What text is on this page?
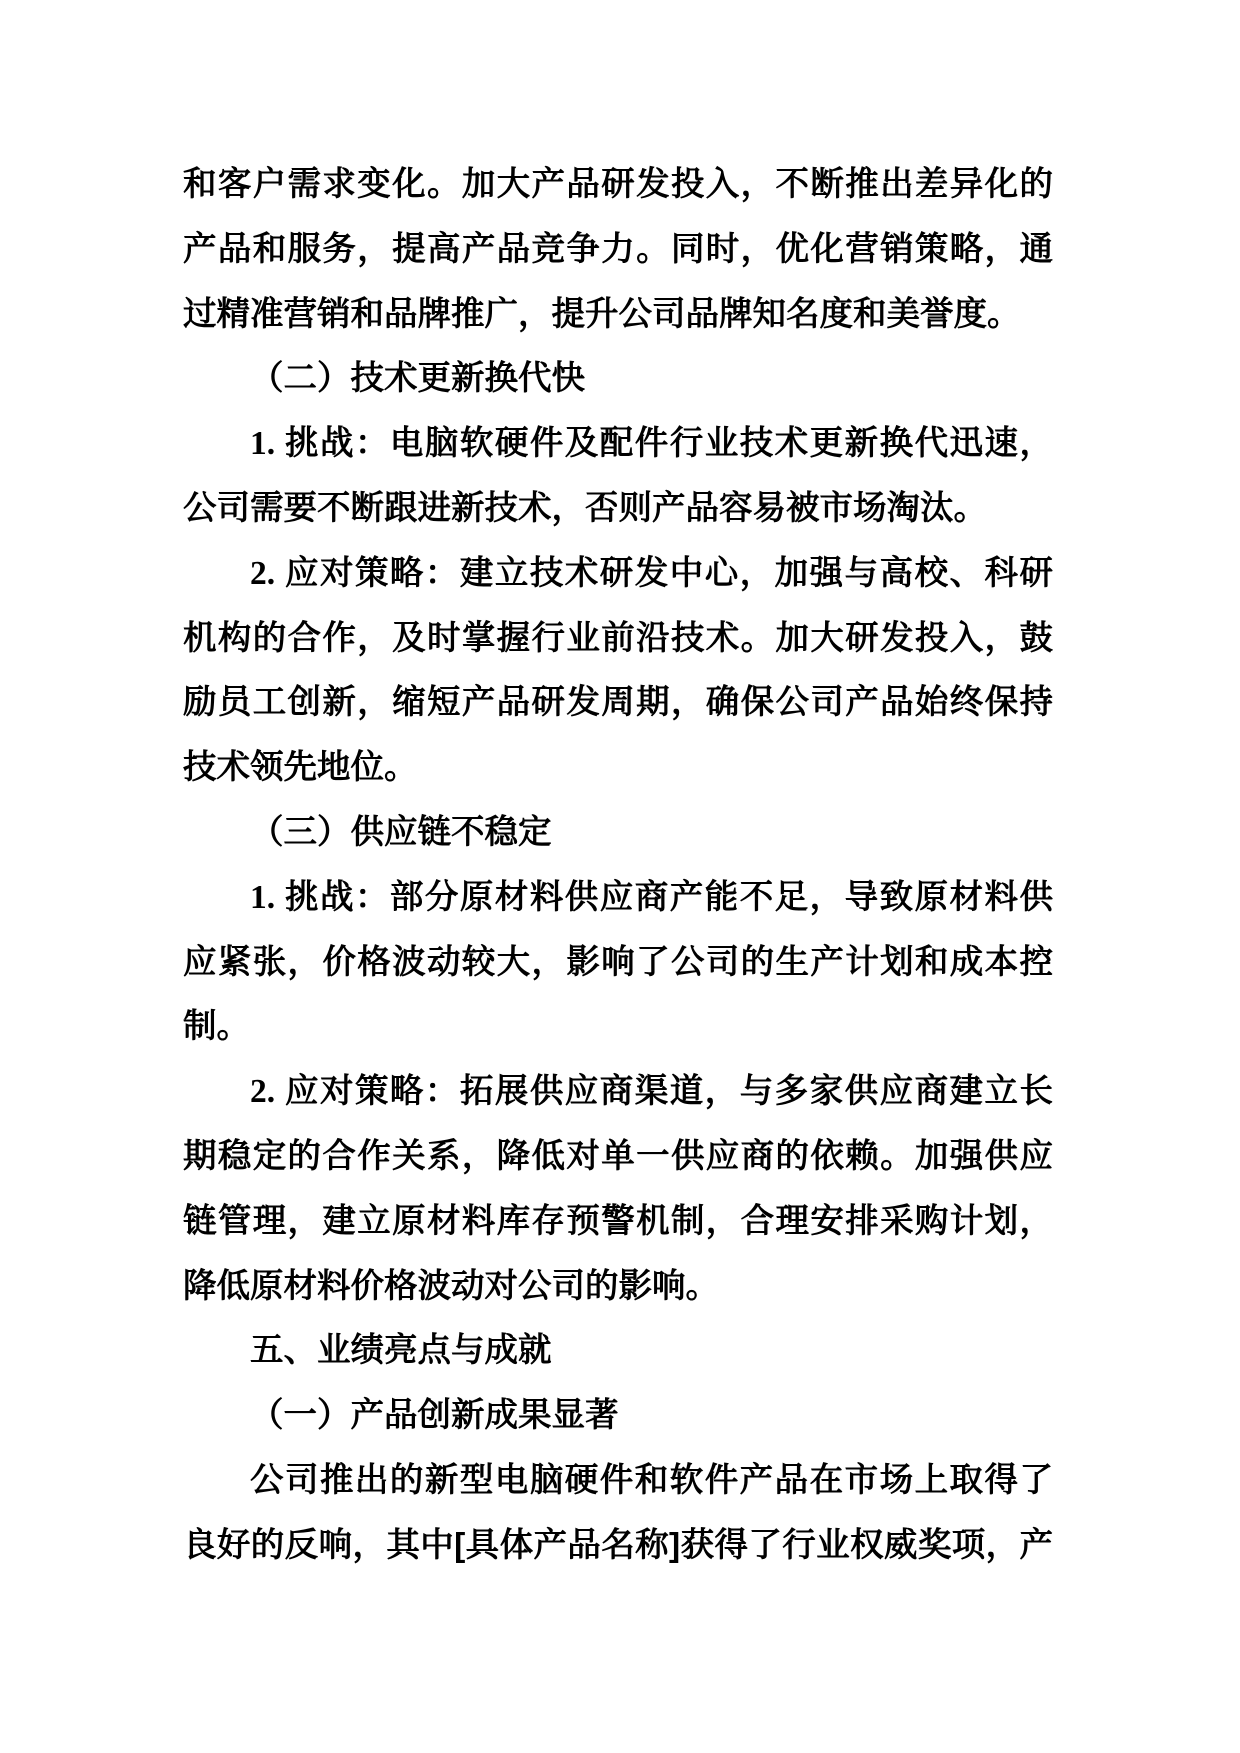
和客户需求变化。加大产品研发投入，不断推出差异化的
产品和服务，提高产品竞争力。同时，优化营销策略，通
过精准营销和品牌推广，提升公司品牌知名度和美誉度。
（二）技术更新换代快
1. 挑战：电脑软硬件及配件行业技术更新换代迅速，
公司需要不断跟进新技术，否则产品容易被市场淘汰。
2. 应对策略：建立技术研发中心，加强与高校、科研
机构的合作，及时掌握行业前沿技术。加大研发投入，鼓
励员工创新，缩短产品研发周期，确保公司产品始终保持
技术领先地位。
（三）供应链不稳定
1. 挑战：部分原材料供应商产能不足，导致原材料供
应紧张，价格波动较大，影响了公司的生产计划和成本控
制。
2. 应对策略：拓展供应商渠道，与多家供应商建立长
期稳定的合作关系，降低对单一供应商的依赖。加强供应
链管理，建立原材料库存预警机制，合理安排采购计划，
降低原材料价格波动对公司的影响。
五、业绩亮点与成就
（一）产品创新成果显著
公司推出的新型电脑硬件和软件产品在市场上取得了
良好的反响，其中[具体产品名称]获得了行业权威奖项，产
